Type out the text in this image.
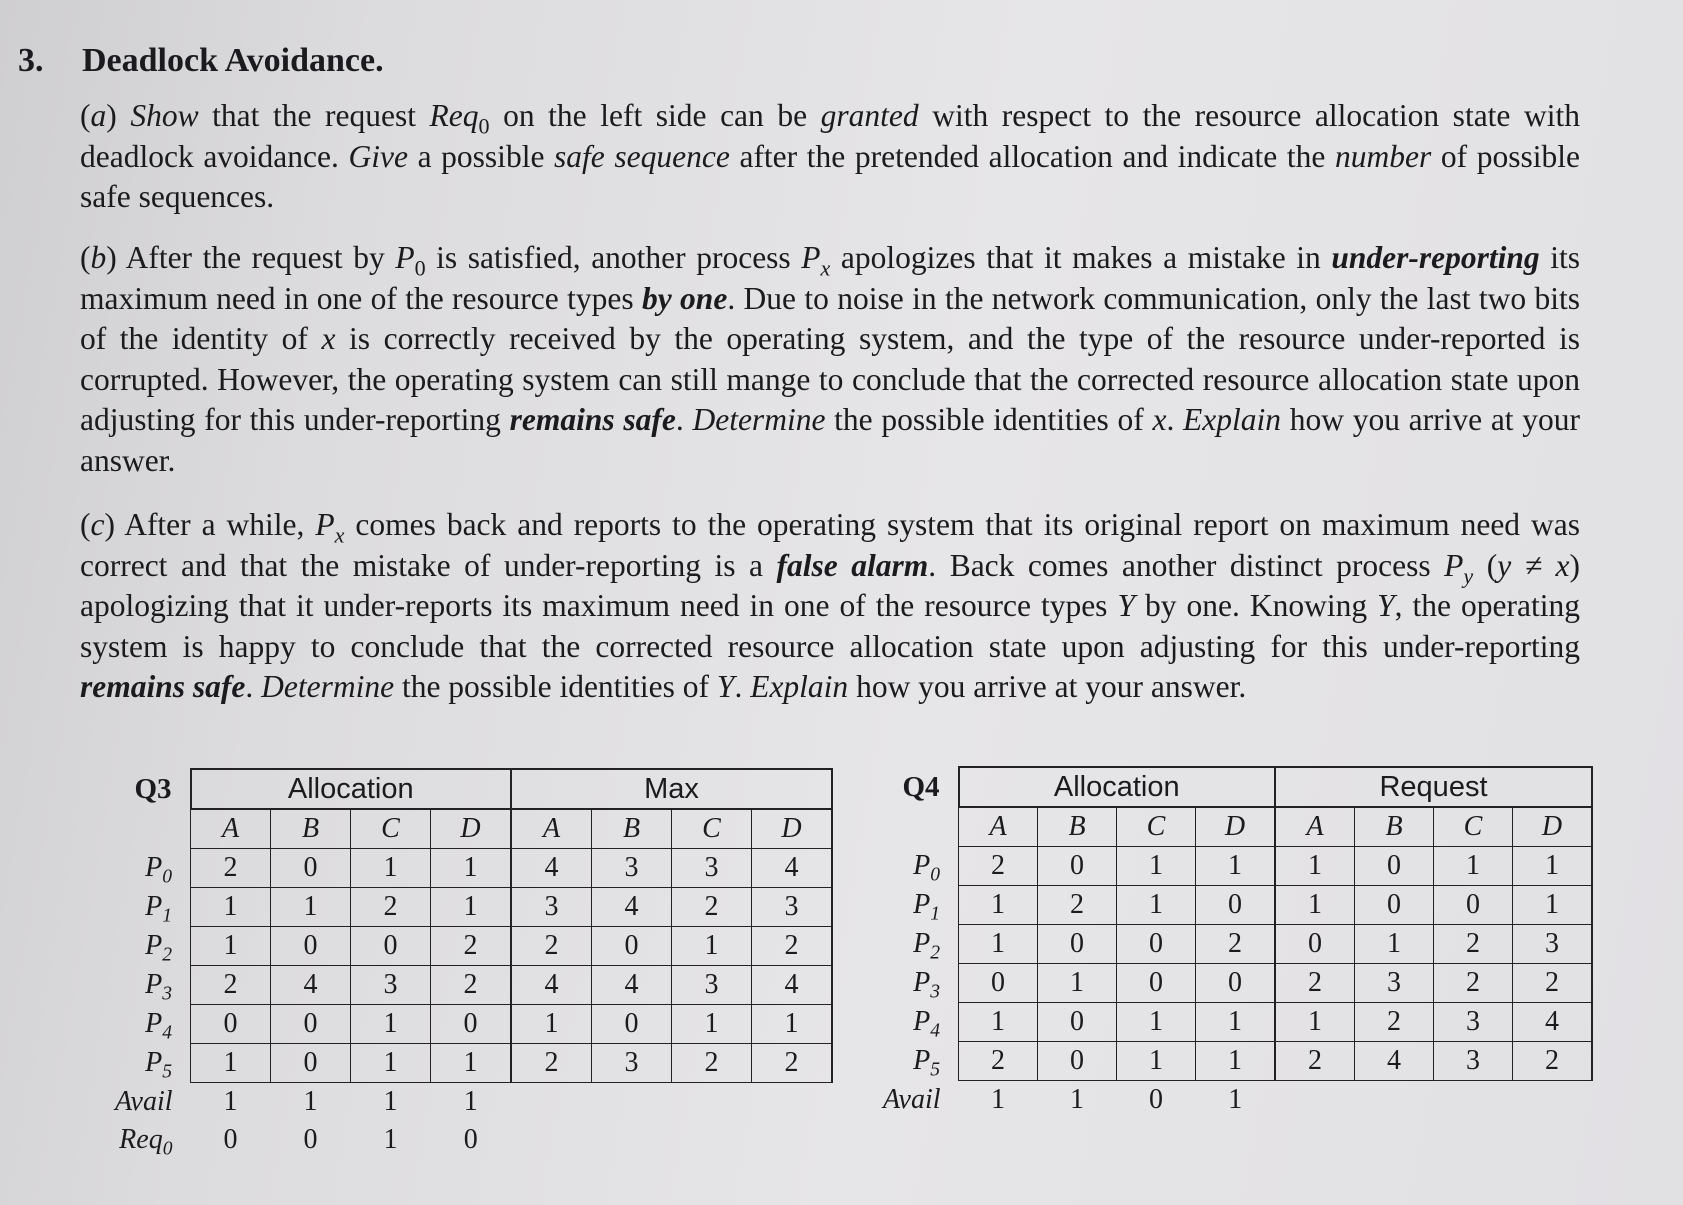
3. Deadlock Avoidance.
(a) Show that the request Req$_0$ on the left side can be granted with respect to the resource allocation state with deadlock avoidance. Give a possible safe sequence after the pretended allocation and indicate the number of possible safe sequences.
(b) After the request by $P_0$ is satisfied, another process $P_x$ apologizes that it makes a mistake in under-reporting its maximum need in one of the resource types by one. Due to noise in the network communication, only the last two bits of the identity of x is correctly received by the operating system, and the type of the resource under-reported is corrupted. However, the operating system can still mange to conclude that the corrected resource allocation state upon adjusting for this under-reporting remains safe. Determine the possible identities of x. Explain how you arrive at your answer.
(c) After a while, $P_x$ comes back and reports to the operating system that its original report on maximum need was correct and that the mistake of under-reporting is a false alarm. Back comes another distinct process $P_y$ (y ≠ x) apologizing that it under-reports its maximum need in one of the resource types Y by one. Knowing Y, the operating system is happy to conclude that the corrected resource allocation state upon adjusting for this under-reporting remains safe. Determine the possible identities of Y. Explain how you arrive at your answer.
Q3	Allocation				Max			
	A	B	C	D	A	B	C	D
$P_0$	2	0	1	1	4	3	3	4
$P_1$	1	1	2	1	3	4	2	3
$P_2$	1	0	0	2	2	0	1	2
$P_3$	2	4	3	2	4	4	3	4
$P_4$	0	0	1	0	1	0	1	1
$P_5$	1	0	1	1	2	3	2	2
Avail	1	1	1	1				
Req$_0$	0	0	1	0				
Q4	Allocation				Request			
	A	B	C	D	A	B	C	D
$P_0$	2	0	1	1	1	0	1	1
$P_1$	1	2	1	0	1	0	0	1
$P_2$	1	0	0	2	0	1	2	3
$P_3$	0	1	0	0	2	3	2	2
$P_4$	1	0	1	1	1	2	3	4
$P_5$	2	0	1	1	2	4	3	2
Avail	1	1	0	1				
